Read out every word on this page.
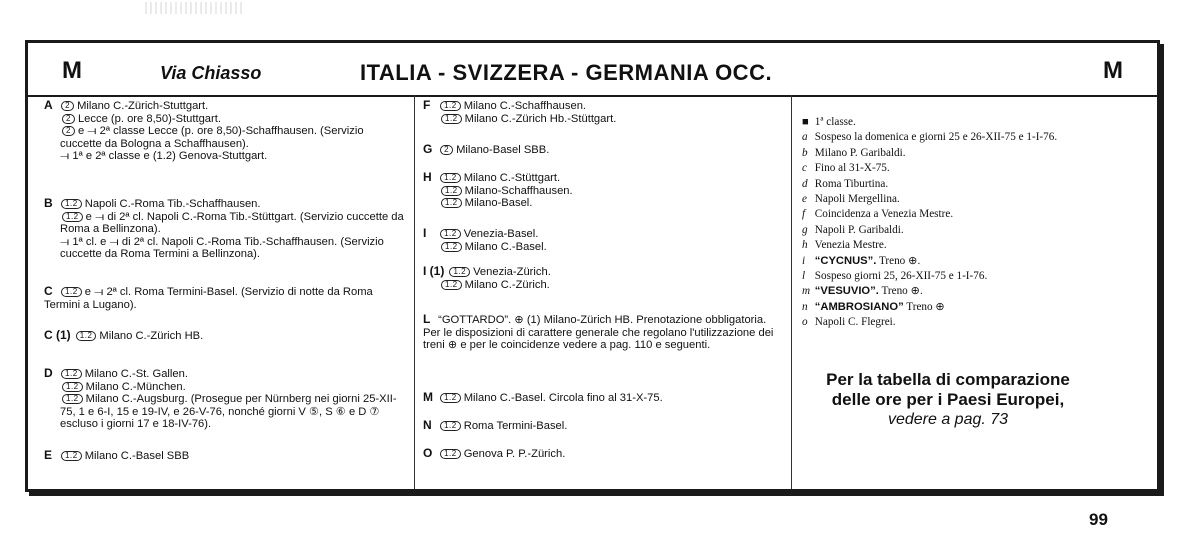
M	Via Chiasso	ITALIA - SVIZZERA - GERMANIA OCC.	M
A 2 Milano C.-Zürich-Stuttgart.
2 Lecce (p. ore 8,50)-Stuttgart.
2 e ⟞ 2ª classe Lecce (p. ore 8,50)-Schaffhausen. (Servizio cuccette da Bologna a Schaffhausen).
⟞ 1ª e 2ª classe e (1.2) Genova-Stuttgart.
B 1.2 Napoli C.-Roma Tib.-Schaffhausen.
1.2 e ⟞ di 2ª cl. Napoli C.-Roma Tib.-Stüttgart. (Servizio cuccette da Roma a Bellinzona).
⟞ 1ª cl. e ⟞ di 2ª cl. Napoli C.-Roma Tib.-Schaffhausen. (Servizio cuccette da Roma Termini a Bellinzona).
C 1.2 e ⟞ 2ª cl. Roma Termini-Basel. (Servizio di notte da Roma Termini a Lugano).
C (1) 1.2 Milano C.-Zürich HB.
D 1.2 Milano C.-St. Gallen.
1.2 Milano C.-München.
1.2 Milano C.-Augsburg. (Prosegue per Nürnberg nei giorni 25-XII-75, 1 e 6-I, 15 e 19-IV, e 26-V-76, nonché giorni V ⑤, S ⑥ e D ⑦ escluso i giorni 17 e 18-IV-76).
E 1.2 Milano C.-Basel SBB
F 1.2 Milano C.-Schaffhausen.
1.2 Milano C.-Zürich Hb.-Stüttgart.
G 2 Milano-Basel SBB.
H 1.2 Milano C.-Stüttgart.
1.2 Milano-Schaffhausen.
1.2 Milano-Basel.
I 1.2 Venezia-Basel.
1.2 Milano C.-Basel.
I (1) 1.2 Venezia-Zürich.
1.2 Milano C.-Zürich.
L “GOTTARDO”. ⊕ (1) Milano-Zürich HB. Prenotazione obbligatoria. Per le disposizioni di carattere generale che regolano l'utilizzazione dei treni ⊕ e per le coincidenze vedere a pag. 110 e seguenti.
M 1.2 Milano C.-Basel. Circola fino al 31-X-75.
N 1.2 Roma Termini-Basel.
O 1.2 Genova P. P.-Zürich.
■ 1ª classe.
a Sospeso la domenica e giorni 25 e 26-XII-75 e 1-I-76.
b Milano P. Garibaldi.
c Fino al 31-X-75.
d Roma Tiburtina.
e Napoli Mergellina.
f Coincidenza a Venezia Mestre.
g Napoli P. Garibaldi.
h Venezia Mestre.
i “CYCNUS”. Treno ⊕.
l Sospeso giorni 25, 26-XII-75 e 1-I-76.
m “VESUVIO”. Treno ⊕.
n “AMBROSIANO” Treno ⊕
o Napoli C. Flegrei.
Per la tabella di comparazione
delle ore per i Paesi Europei,
vedere a pag. 73
99
